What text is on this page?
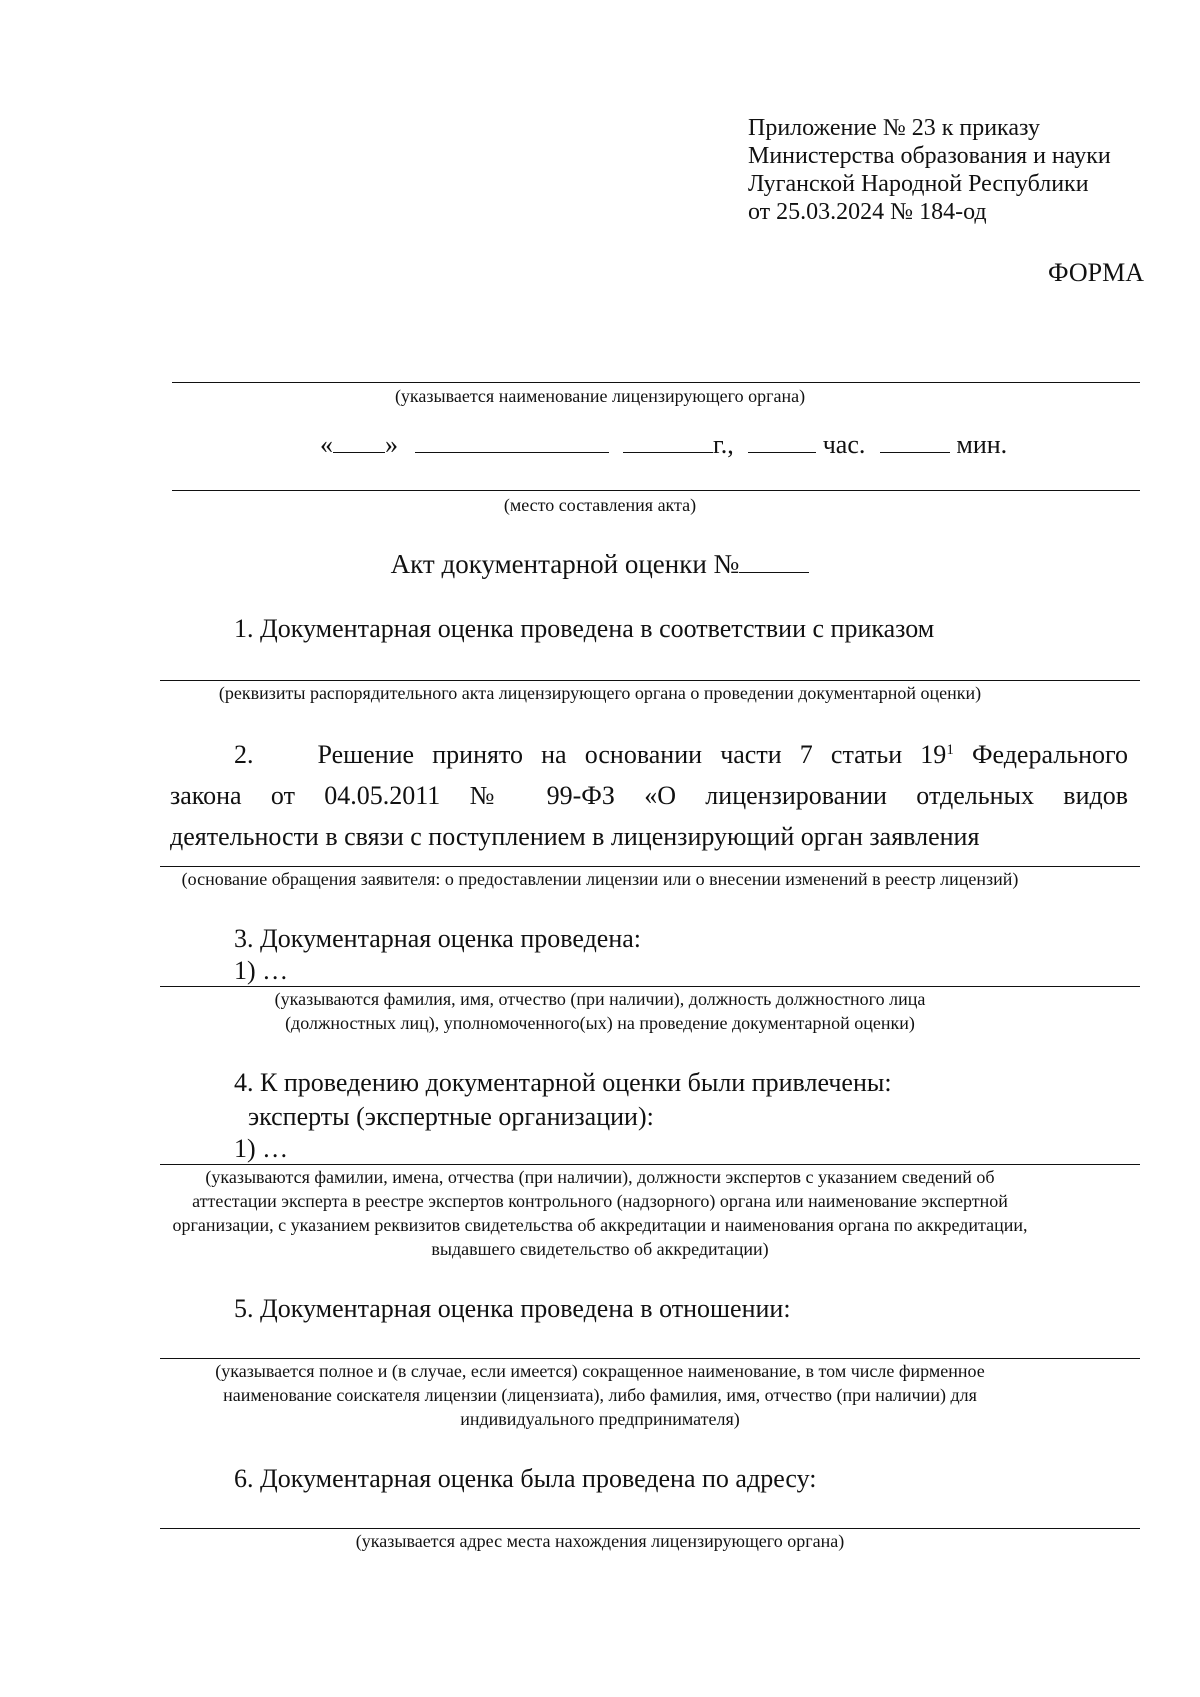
Приложение № 23 к приказу
Министерства образования и науки
Луганской Народной Республики
от 25.03.2024 № 184-од
ФОРМА
(указывается наименование лицензирующего органа)
« »	г.,	час.	мин.
(место составления акта)
Акт документарной оценки №
1. Документарная оценка проведена в соответствии с приказом
(реквизиты распорядительного акта лицензирующего органа о проведении документарной оценки)
2. Решение принято на основании части 7 статьи $19^1$ Федерального
закона от 04.05.2011 № 99-ФЗ «О лицензировании отдельных видов
деятельности в связи с поступлением в лицензирующий орган заявления
(основание обращения заявителя: о предоставлении лицензии или о внесении изменений в реестр лицензий)
3. Документарная оценка проведена:
1) …
(указываются фамилия, имя, отчество (при наличии), должность должностного лица
(должностных лиц), уполномоченного(ых) на проведение документарной оценки)
4. К проведению документарной оценки были привлечены:
эксперты (экспертные организации):
1) …
(указываются фамилии, имена, отчества (при наличии), должности экспертов с указанием сведений об
аттестации эксперта в реестре экспертов контрольного (надзорного) органа или наименование экспертной
организации, с указанием реквизитов свидетельства об аккредитации и наименования органа по аккредитации,
выдавшего свидетельство об аккредитации)
5. Документарная оценка проведена в отношении:
(указывается полное и (в случае, если имеется) сокращенное наименование, в том числе фирменное
наименование соискателя лицензии (лицензиата), либо фамилия, имя, отчество (при наличии) для
индивидуального предпринимателя)
6. Документарная оценка была проведена по адресу:
(указывается адрес места нахождения лицензирующего органа)
